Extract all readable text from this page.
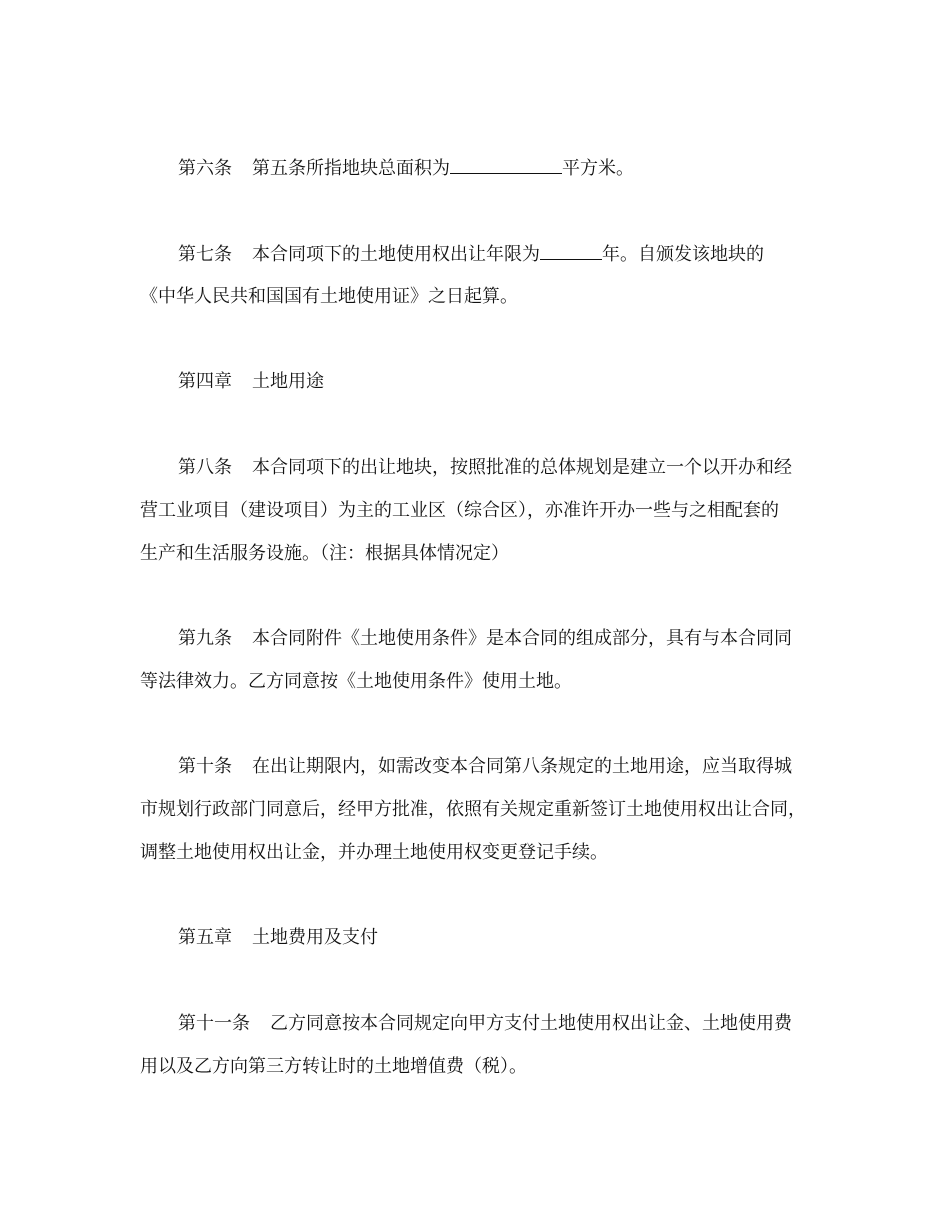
第六条 第五条所指地块总面积为	平方米。
第七条 本合同项下的土地使用权出让年限为	年。自颁发该地块的
《中华人民共和国国有土地使用证》之日起算。
第四章 土地用途
第八条 本合同项下的出让地块，按照批准的总体规划是建立一个以开办和经
营工业项目（建设项目）为主的工业区（综合区），亦准许开办一些与之相配套的
生产和生活服务设施。（注：根据具体情况定）
第九条 本合同附件《土地使用条件》是本合同的组成部分，具有与本合同同
等法律效力。乙方同意按《土地使用条件》使用土地。
第十条 在出让期限内，如需改变本合同第八条规定的土地用途，应当取得城
市规划行政部门同意后，经甲方批准，依照有关规定重新签订土地使用权出让合同，
调整土地使用权出让金，并办理土地使用权变更登记手续。
第五章 土地费用及支付
第十一条 乙方同意按本合同规定向甲方支付土地使用权出让金、土地使用费
用以及乙方向第三方转让时的土地增值费（税）。
